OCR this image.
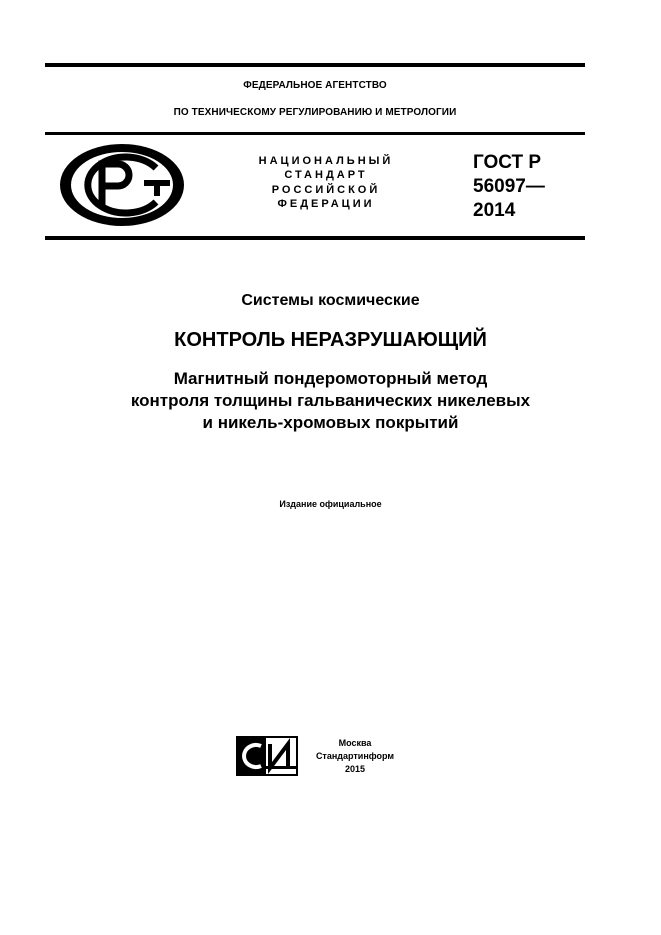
ФЕДЕРАЛЬНОЕ АГЕНТСТВО
ПО ТЕХНИЧЕСКОМУ РЕГУЛИРОВАНИЮ И МЕТРОЛОГИИ
НАЦИОНАЛЬНЫЙ
СТАНДАРТ
РОССИЙСКОЙ
ФЕДЕРАЦИИ
ГОСТ Р
56097—
2014
Системы космические
КОНТРОЛЬ НЕРАЗРУШАЮЩИЙ
Магнитный пондеромоторный метод
контроля толщины гальванических никелевых
и никель-хромовых покрытий
Издание официальное
Москва
Стандартинформ
2015
